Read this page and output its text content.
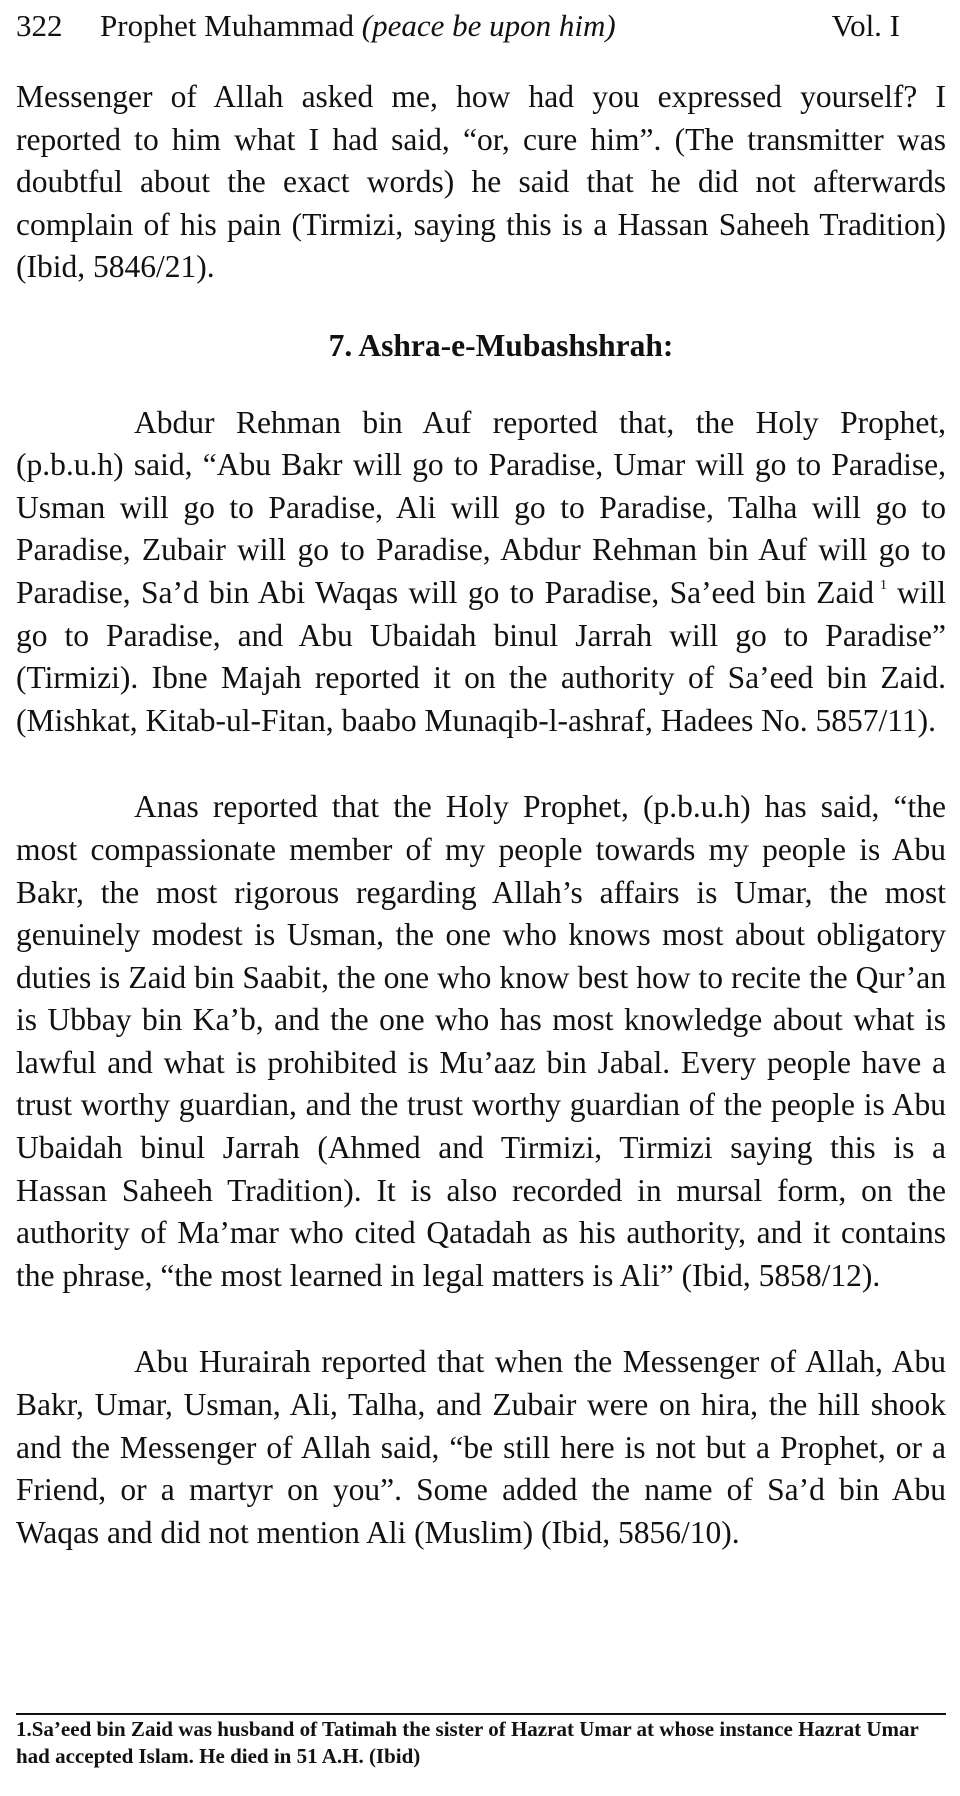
322 Prophet Muhammad (peace be upon him)	Vol. I

Messenger of Allah asked me, how had you expressed yourself? I reported to him what I had said, “or, cure him”. (The transmitter was doubtful about the exact words) he said that he did not afterwards complain of his pain (Tirmizi, saying this is a Hassan Saheeh Tradition) (Ibid, 5846/21).

7. Ashra-e-Mubashshrah:

Abdur Rehman bin Auf reported that, the Holy Prophet, (p.b.u.h) said, “Abu Bakr will go to Paradise, Umar will go to Paradise, Usman will go to Paradise, Ali will go to Paradise, Talha will go to Paradise, Zubair will go to Paradise, Abdur Rehman bin Auf will go to Paradise, Sa’d bin Abi Waqas will go to Paradise, Sa’eed bin Zaid $^1$ will go to Paradise, and Abu Ubaidah binul Jarrah will go to Paradise” (Tirmizi). Ibne Majah reported it on the authority of Sa’eed bin Zaid. (Mishkat, Kitab-ul-Fitan, baabo Munaqib-l-ashraf, Hadees No. 5857/11).

Anas reported that the Holy Prophet, (p.b.u.h) has said, “the most compassionate member of my people towards my people is Abu Bakr, the most rigorous regarding Allah’s affairs is Umar, the most genuinely modest is Usman, the one who knows most about obligatory duties is Zaid bin Saabit, the one who know best how to recite the Qur’an is Ubbay bin Ka’b, and the one who has most knowledge about what is lawful and what is prohibited is Mu’aaz bin Jabal. Every people have a trust worthy guardian, and the trust worthy guardian of the people is Abu Ubaidah binul Jarrah (Ahmed and Tirmizi, Tirmizi saying this is a Hassan Saheeh Tradition). It is also recorded in mursal form, on the authority of Ma’mar who cited Qatadah as his authority, and it contains the phrase, “the most learned in legal matters is Ali” (Ibid, 5858/12).

Abu Hurairah reported that when the Messenger of Allah, Abu Bakr, Umar, Usman, Ali, Talha, and Zubair were on hira, the hill shook and the Messenger of Allah said, “be still here is not but a Prophet, or a Friend, or a martyr on you”. Some added the name of Sa’d bin Abu Waqas and did not mention Ali (Muslim) (Ibid, 5856/10).

1.Sa’eed bin Zaid was husband of Tatimah the sister of Hazrat Umar at whose instance Hazrat Umar had accepted Islam. He died in 51 A.H. (Ibid)
